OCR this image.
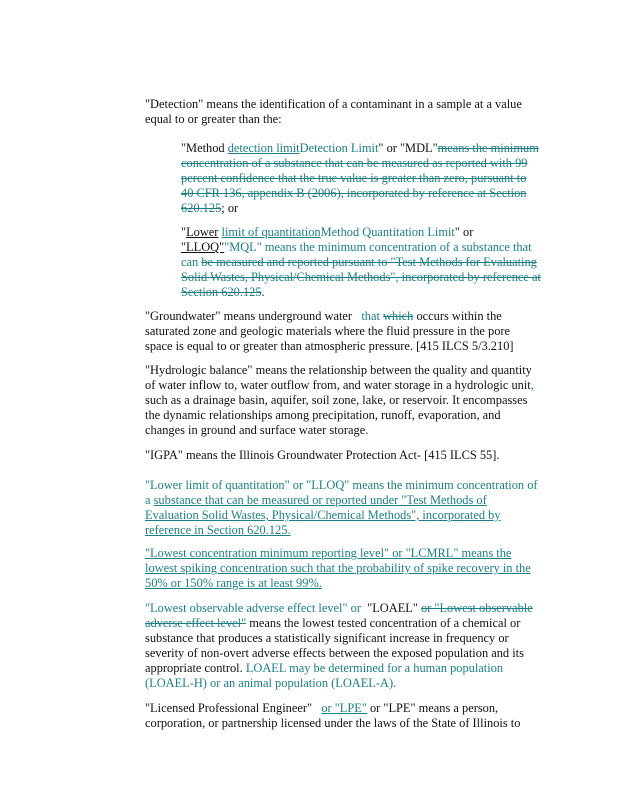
"Detection" means the identification of a contaminant in a sample at a value equal to or greater than the:

"Method detection limitDetection Limit" or "MDL"means the minimum concentration of a substance that can be measured as reported with 99 percent confidence that the true value is greater than zero, pursuant to 40 CFR 136, appendix B (2006), incorporated by reference at Section 620.125; or

"Lower limit of quantitationMethod Quantitation Limit" or
"LLOQ""MQL" means the minimum concentration of a substance that can be measured and reported pursuant to "Test Methods for Evaluating Solid Wastes, Physical/Chemical Methods", incorporated by reference at Section 620.125.

"Groundwater" means underground water that which occurs within the saturated zone and geologic materials where the fluid pressure in the pore space is equal to or greater than atmospheric pressure. [415 ILCS 5/3.210]

"Hydrologic balance" means the relationship between the quality and quantity of water inflow to, water outflow from, and water storage in a hydrologic unit, such as a drainage basin, aquifer, soil zone, lake, or reservoir. It encompasses the dynamic relationships among precipitation, runoff, evaporation, and changes in ground and surface water storage.

"IGPA" means the Illinois Groundwater Protection Act- [415 ILCS 55].

"Lower limit of quantitation" or "LLOQ" means the minimum concentration of a substance that can be measured or reported under "Test Methods of Evaluation Solid Wastes, Physical/Chemical Methods", incorporated by reference in Section 620.125.

"Lowest concentration minimum reporting level" or "LCMRL" means the lowest spiking concentration such that the probability of spike recovery in the 50% or 150% range is at least 99%.

"Lowest observable adverse effect level" or "LOAEL" or "Lowest observable adverse effect level" means the lowest tested concentration of a chemical or substance that produces a statistically significant increase in frequency or severity of non-overt adverse effects between the exposed population and its appropriate control. LOAEL may be determined for a human population (LOAEL-H) or an animal population (LOAEL-A).

"Licensed Professional Engineer" or "LPE" or "LPE" means a person, corporation, or partnership licensed under the laws of the State of Illinois to
